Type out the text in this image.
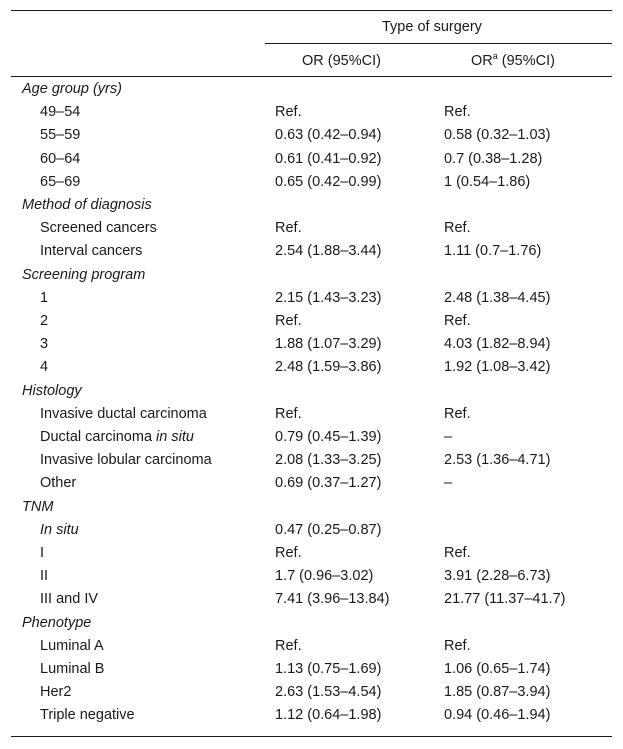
Type of surgery
OR (95%CI)	$OR^a$ (95%CI)
Age group (yrs)
49–54	Ref.	Ref.
55–59	0.63 (0.42–0.94)	0.58 (0.32–1.03)
60–64	0.61 (0.41–0.92)	0.7 (0.38–1.28)
65–69	0.65 (0.42–0.99)	1 (0.54–1.86)
Method of diagnosis
Screened cancers	Ref.	Ref.
Interval cancers	2.54 (1.88–3.44)	1.11 (0.7–1.76)
Screening program
1	2.15 (1.43–3.23)	2.48 (1.38–4.45)
2	Ref.	Ref.
3	1.88 (1.07–3.29)	4.03 (1.82–8.94)
4	2.48 (1.59–3.86)	1.92 (1.08–3.42)
Histology
Invasive ductal carcinoma	Ref.	Ref.
Ductal carcinoma in situ	0.79 (0.45–1.39)	–
Invasive lobular carcinoma	2.08 (1.33–3.25)	2.53 (1.36–4.71)
Other	0.69 (0.37–1.27)	–
TNM
In situ	0.47 (0.25–0.87)
I	Ref.	Ref.
II	1.7 (0.96–3.02)	3.91 (2.28–6.73)
III and IV	7.41 (3.96–13.84)	21.77 (11.37–41.7)
Phenotype
Luminal A	Ref.	Ref.
Luminal B	1.13 (0.75–1.69)	1.06 (0.65–1.74)
Her2	2.63 (1.53–4.54)	1.85 (0.87–3.94)
Triple negative	1.12 (0.64–1.98)	0.94 (0.46–1.94)
